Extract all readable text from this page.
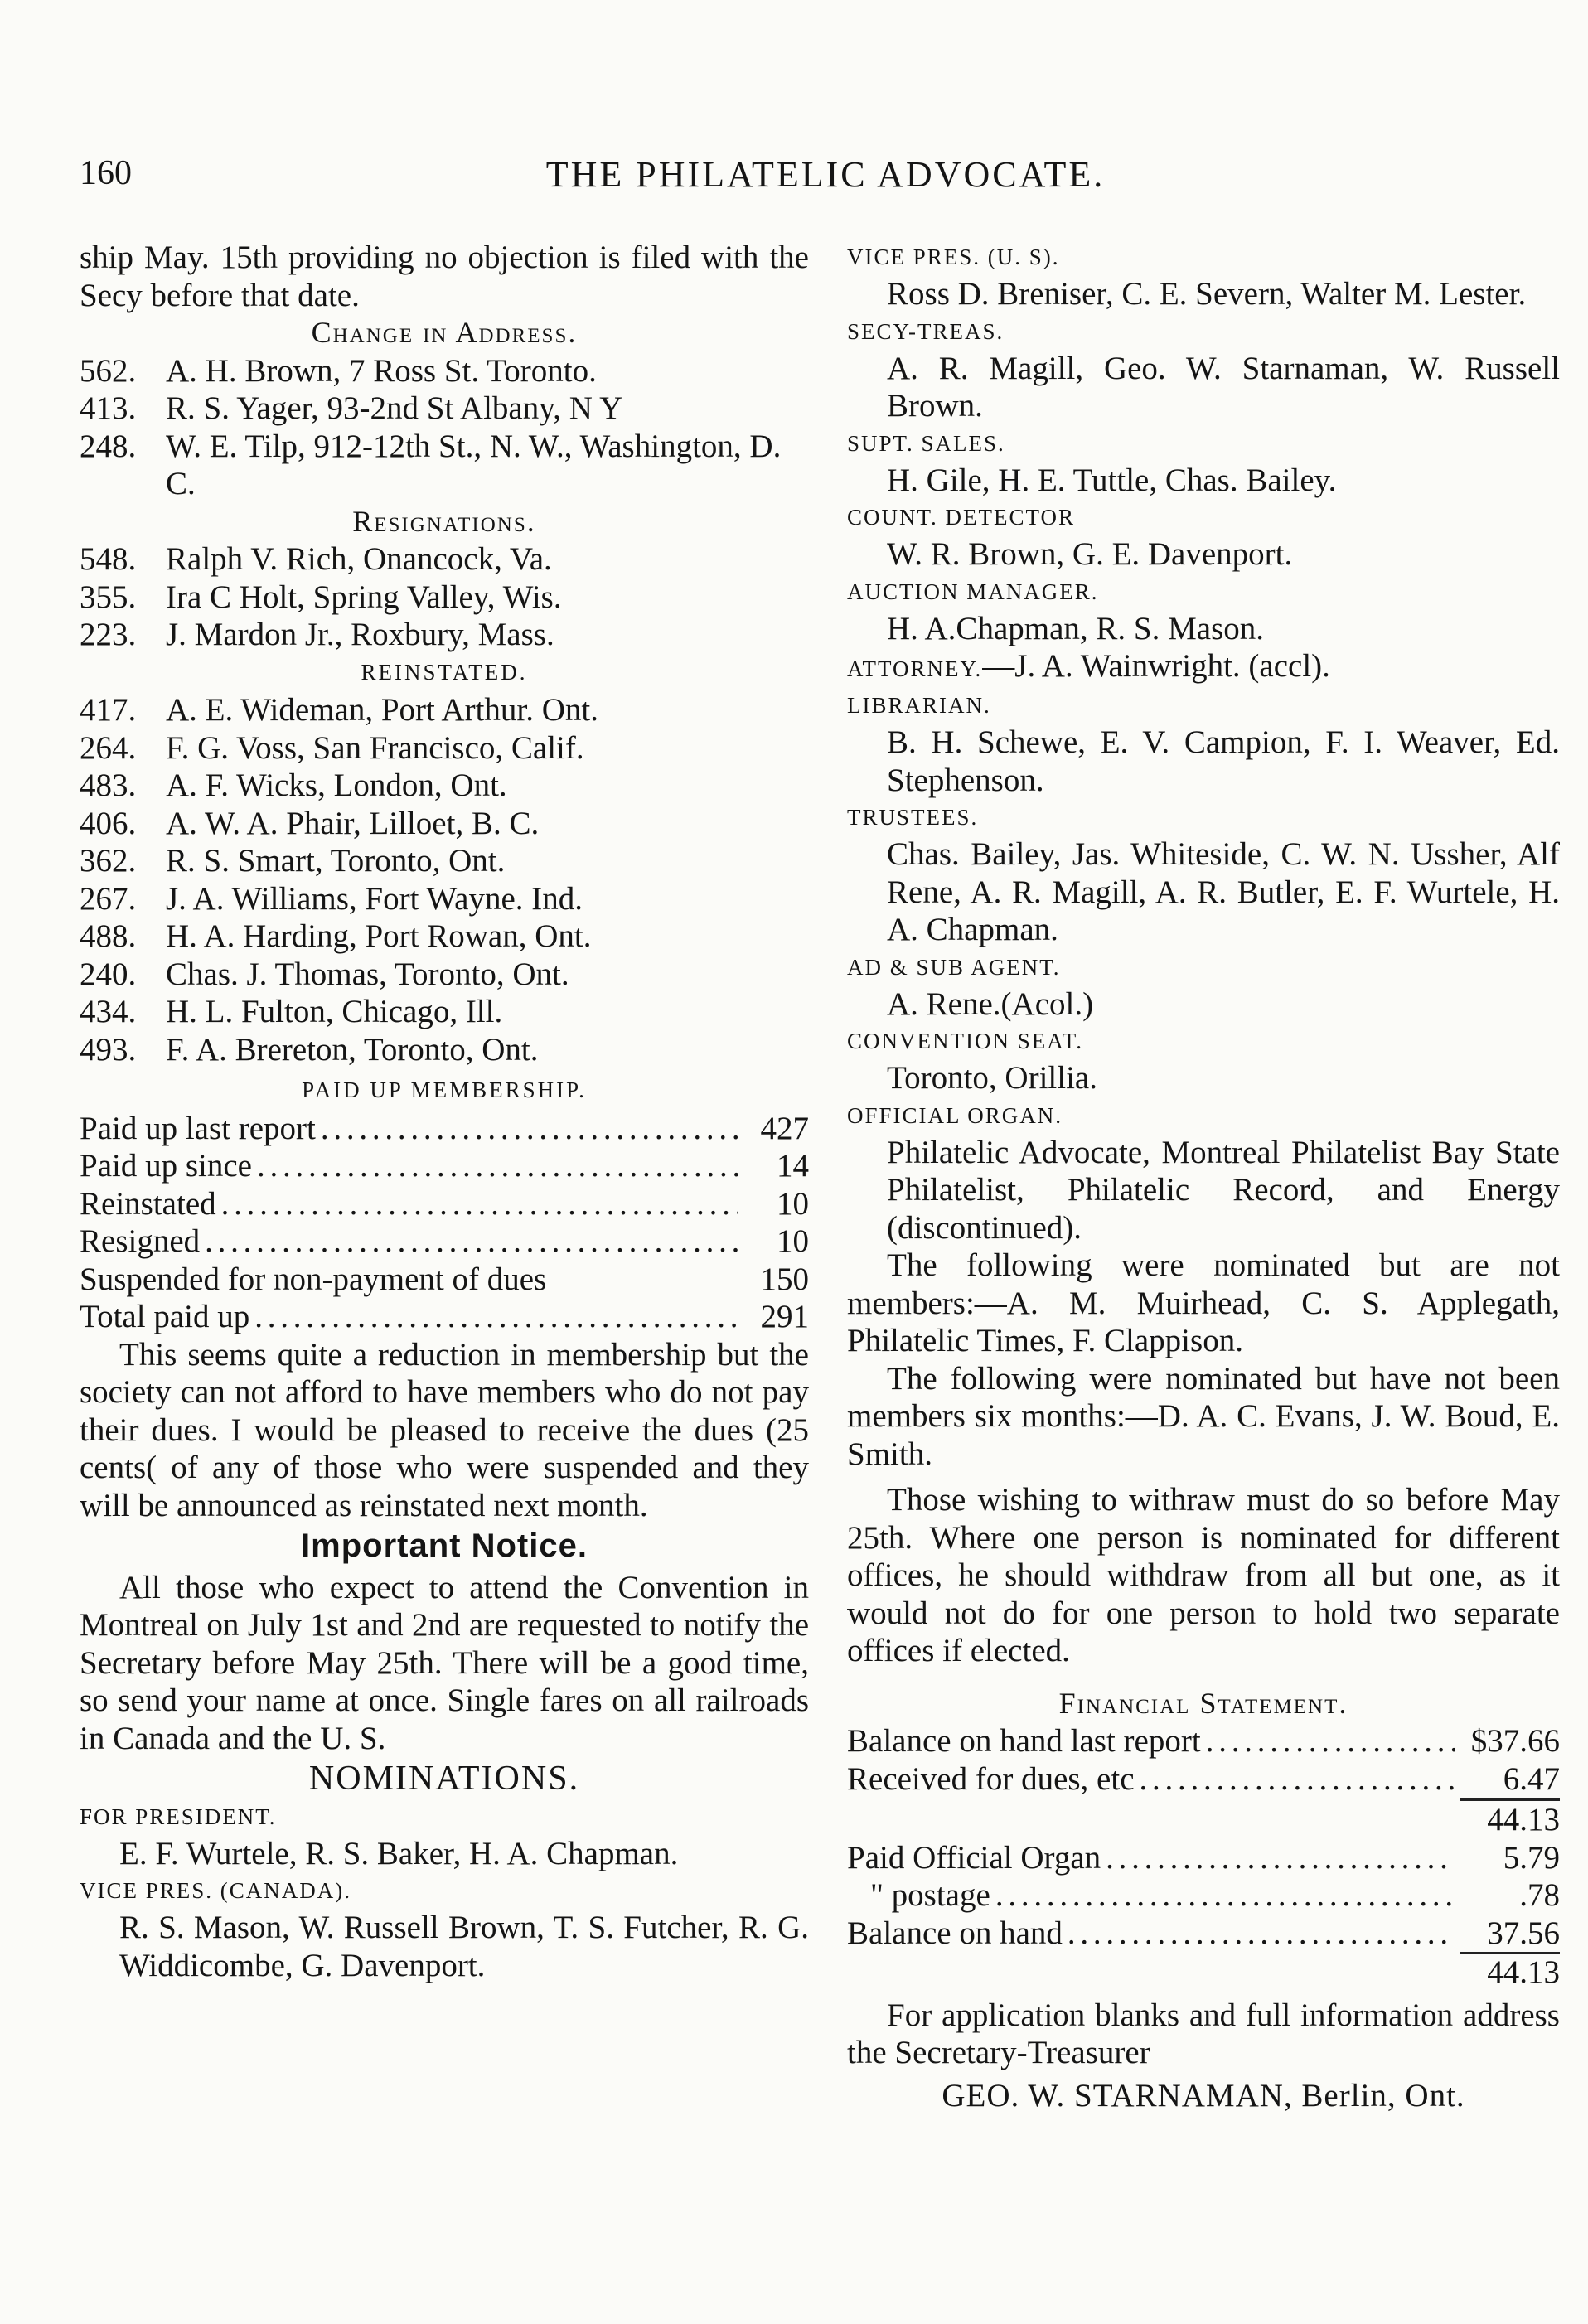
160	THE PHILATELIC ADVOCATE.

ship May. 15th providing no objection is filed with the Secy before that date.

Change in Address.

562. A. H. Brown, 7 Ross St. Toronto.
413. R. S. Yager, 93-2nd St Albany, N Y
248. W. E. Tilp, 912-12th St., N. W., Washington, D. C.

Resignations.

548. Ralph V. Rich, Onancock, Va.
355. Ira C Holt, Spring Valley, Wis.
223. J. Mardon Jr., Roxbury, Mass.

REINSTATED.

417. A. E. Wideman, Port Arthur. Ont.
264. F. G. Voss, San Francisco, Calif.
483. A. F. Wicks, London, Ont.
406. A. W. A. Phair, Lilloet, B. C.
362. R. S. Smart, Toronto, Ont.
267. J. A. Williams, Fort Wayne. Ind.
488. H. A. Harding, Port Rowan, Ont.
240. Chas. J. Thomas, Toronto, Ont.
434. H. L. Fulton, Chicago, Ill.
493. F. A. Brereton, Toronto, Ont.

PAID UP MEMBERSHIP.

Paid up last report . . .	427
Paid up since . . .	14
Reinstated . . .	10
Resigned . . .	10
Suspended for non-payment of dues	150
Total paid up . . .	291

This seems quite a reduction in membership but the society can not afford to have members who do not pay their dues. I would be pleased to receive the dues (25 cents( of any of those who were suspended and they will be announced as reinstated next month.

Important Notice.

All those who expect to attend the Convention in Montreal on July 1st and 2nd are requested to notify the Secretary before May 25th. There will be a good time, so send your name at once. Single fares on all railroads in Canada and the U. S.

NOMINATIONS.

FOR PRESIDENT.

E. F. Wurtele, R. S. Baker, H. A. Chapman.

VICE PRES. (CANADA).

R. S. Mason, W. Russell Brown, T. S. Futcher, R. G. Widdicombe, G. Davenport.

VICE PRES. (U. S).

Ross D. Breniser, C. E. Severn, Walter M. Lester.

SECY-TREAS.

A. R. Magill, Geo. W. Starnaman, W. Russell Brown.

SUPT. SALES.

H. Gile, H. E. Tuttle, Chas. Bailey.

COUNT. DETECTOR

W. R. Brown, G. E. Davenport.

AUCTION MANAGER.

H. A.Chapman, R. S. Mason.

ATTORNEY.—J. A. Wainwright. (accl).

LIBRARIAN.

B. H. Schewe, E. V. Campion, F. I. Weaver, Ed. Stephenson.

TRUSTEES.

Chas. Bailey, Jas. Whiteside, C. W. N. Ussher, Alf Rene, A. R. Magill, A. R. Butler, E. F. Wurtele, H. A. Chapman.

AD & SUB AGENT.

A. Rene.(Acol.)

CONVENTION SEAT.

Toronto, Orillia.

OFFICIAL ORGAN.

Philatelic Advocate, Montreal Philatelist Bay State Philatelist, Philatelic Record, and Energy (discontinued).

The following were nominated but are not members:—A. M. Muirhead, C. S. Applegath, Philatelic Times, F. Clappison.

The following were nominated but have not been members six months:—D. A. C. Evans, J. W. Boud, E. Smith.

Those wishing to withraw must do so before May 25th. Where one person is nominated for different offices, he should withdraw from all but one, as it would not do for one person to hold two separate offices if elected.

Financial Statement.

Balance on hand last report . . .	$37.66
Received for dues, etc . . .	6.47
44.13
Paid Official Organ . . .	5.79
" postage . . .	.78
Balance on hand . . .	37.56
44.13

For application blanks and full information address the Secretary-Treasurer

GEO. W. STARNAMAN, Berlin, Ont.
